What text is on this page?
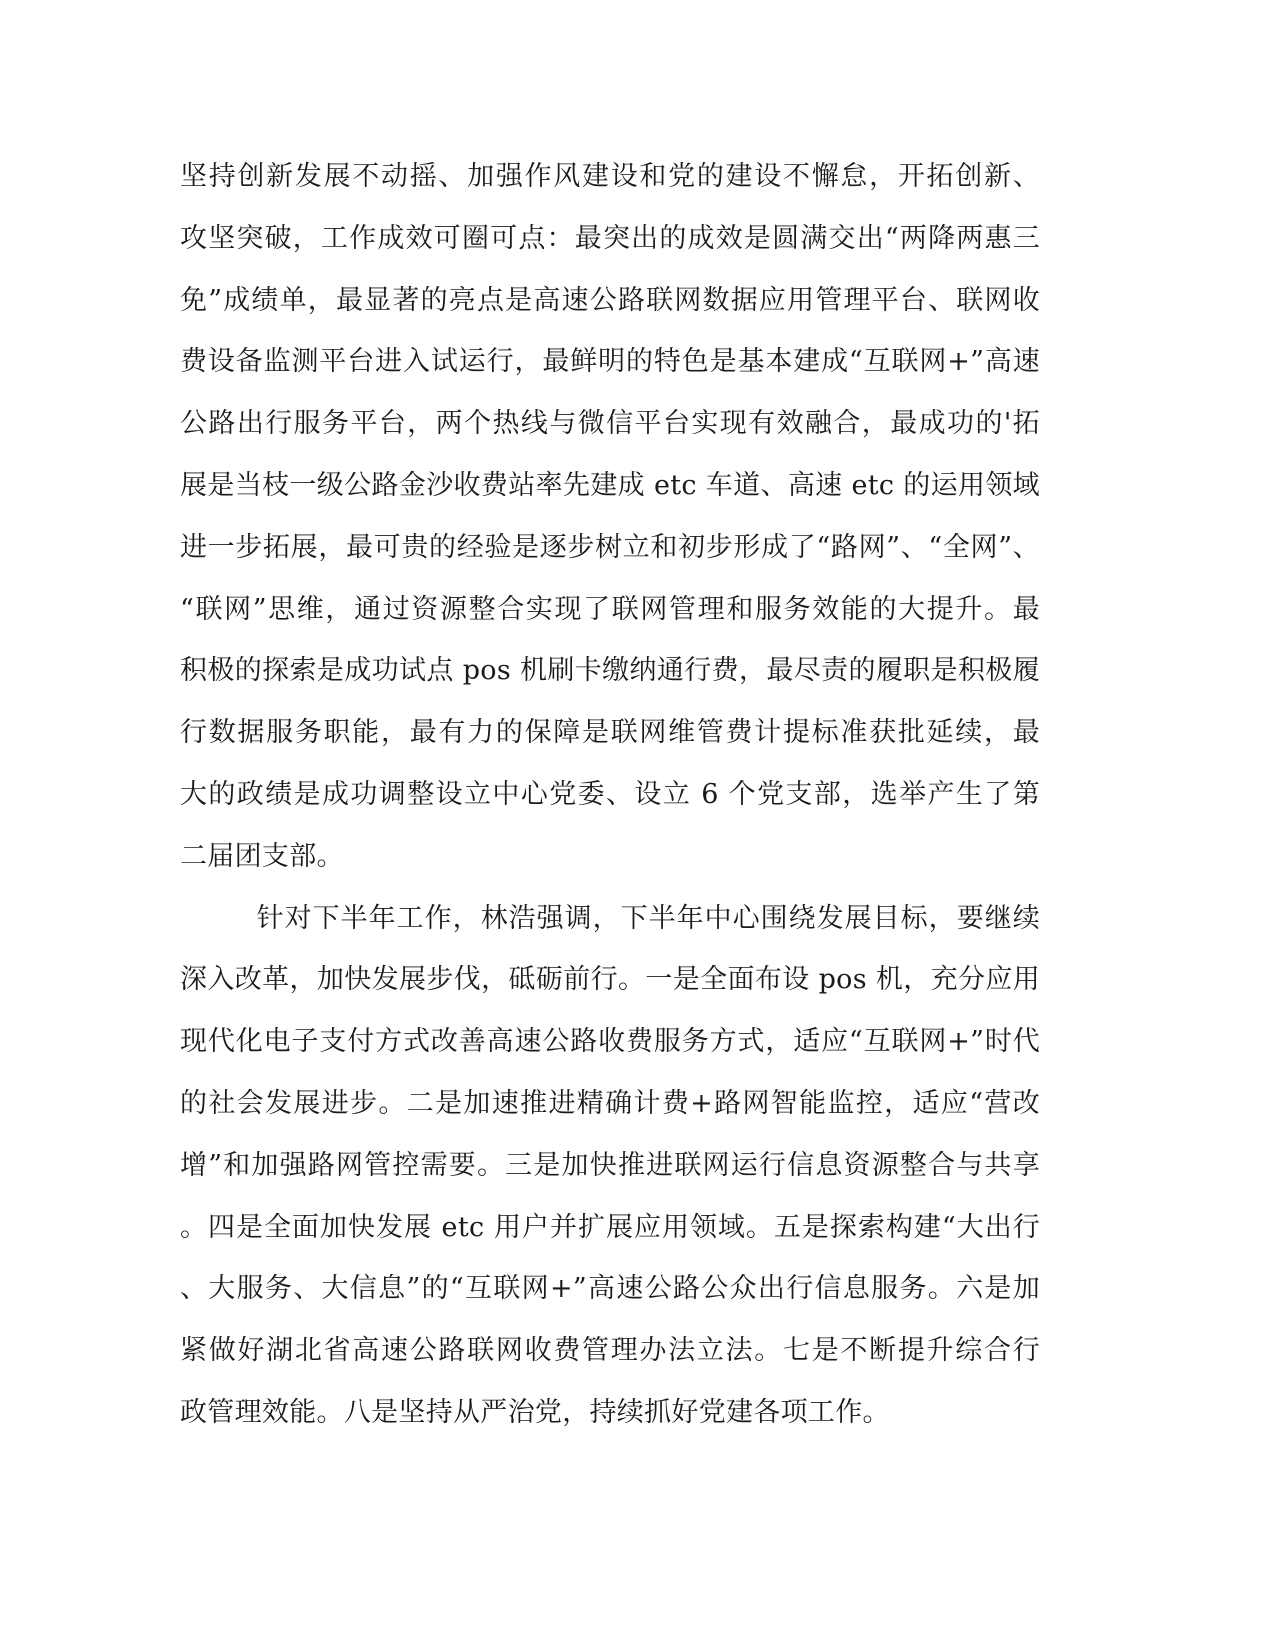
坚持创新发展不动摇、加强作风建设和党的建设不懈怠，开拓创新、
攻坚突破，工作成效可圈可点：最突出的成效是圆满交出“两降两惠三
免”成绩单，最显著的亮点是高速公路联网数据应用管理平台、联网收
费设备监测平台进入试运行，最鲜明的特色是基本建成“互联网+”高速
公路出行服务平台，两个热线与微信平台实现有效融合，最成功的'拓
展是当枝一级公路金沙收费站率先建成 etc 车道、高速 etc 的运用领域
进一步拓展，最可贵的经验是逐步树立和初步形成了“路网”、“全网”、
“联网”思维，通过资源整合实现了联网管理和服务效能的大提升。最
积极的探索是成功试点 pos 机刷卡缴纳通行费，最尽责的履职是积极履
行数据服务职能，最有力的保障是联网维管费计提标准获批延续，最
大的政绩是成功调整设立中心党委、设立 6 个党支部，选举产生了第
二届团支部。
针对下半年工作，林浩强调，下半年中心围绕发展目标，要继续
深入改革，加快发展步伐，砥砺前行。一是全面布设 pos 机，充分应用
现代化电子支付方式改善高速公路收费服务方式，适应“互联网+”时代
的社会发展进步。二是加速推进精确计费+路网智能监控，适应“营改
增”和加强路网管控需要。三是加快推进联网运行信息资源整合与共享
。四是全面加快发展 etc 用户并扩展应用领域。五是探索构建“大出行
、大服务、大信息”的“互联网+”高速公路公众出行信息服务。六是加
紧做好湖北省高速公路联网收费管理办法立法。七是不断提升综合行
政管理效能。八是坚持从严治党，持续抓好党建各项工作。
